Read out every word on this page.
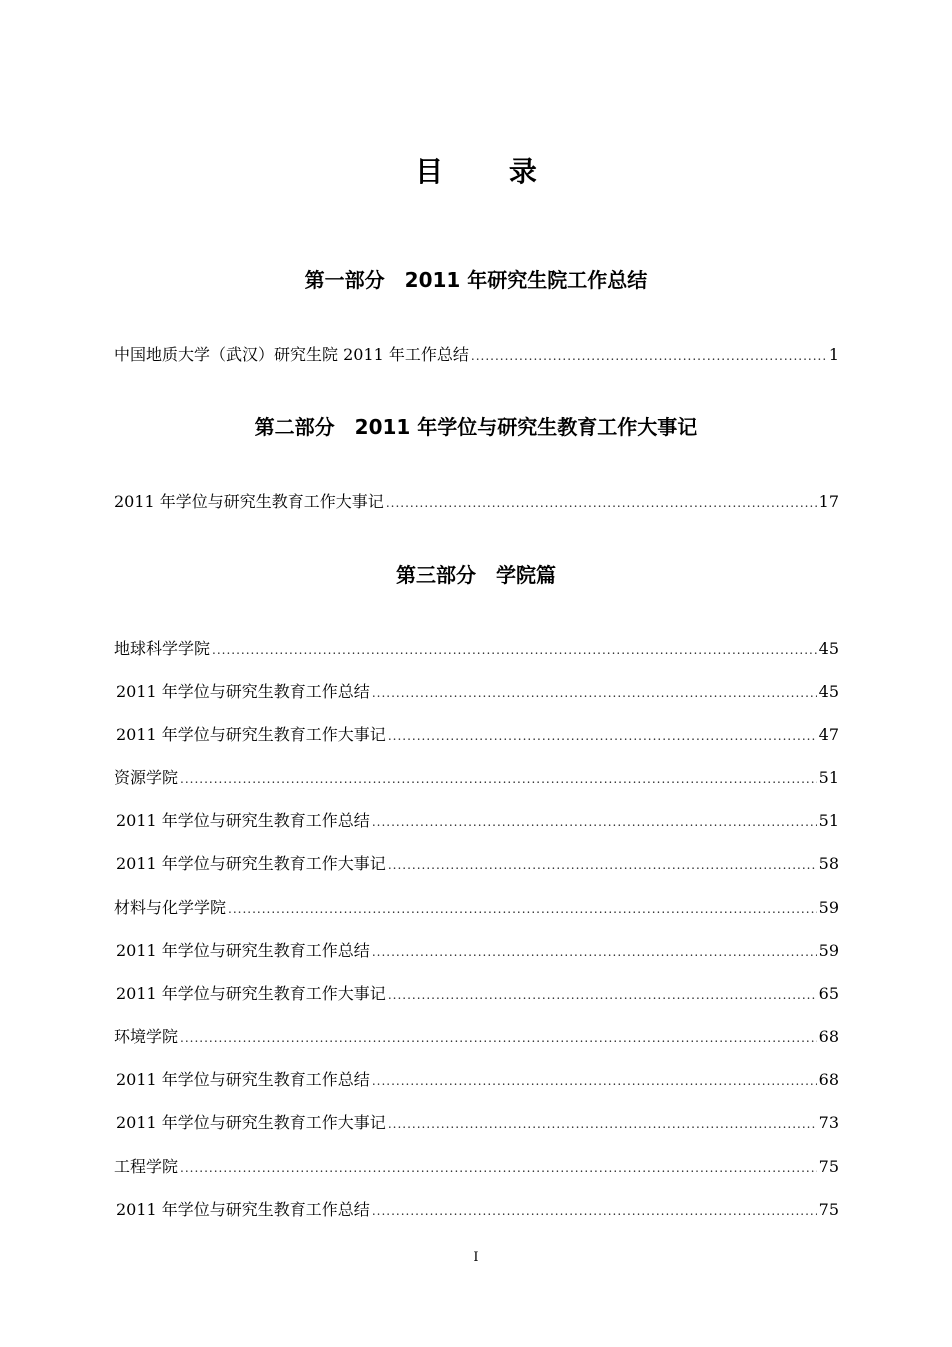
目 录
第一部分　2011 年研究生院工作总结
中国地质大学（武汉）研究生院 2011 年工作总结 .....	1
第二部分　2011 年学位与研究生教育工作大事记
2011 年学位与研究生教育工作大事记 .....	17
第三部分　学院篇
地球科学学院 .....	45
2011 年学位与研究生教育工作总结 .....	45
2011 年学位与研究生教育工作大事记 .....	47
资源学院 .....	51
2011 年学位与研究生教育工作总结 .....	51
2011 年学位与研究生教育工作大事记 .....	58
材料与化学学院 .....	59
2011 年学位与研究生教育工作总结 .....	59
2011 年学位与研究生教育工作大事记 .....	65
环境学院 .....	68
2011 年学位与研究生教育工作总结 .....	68
2011 年学位与研究生教育工作大事记 .....	73
工程学院 .....	75
2011 年学位与研究生教育工作总结 .....	75
I
